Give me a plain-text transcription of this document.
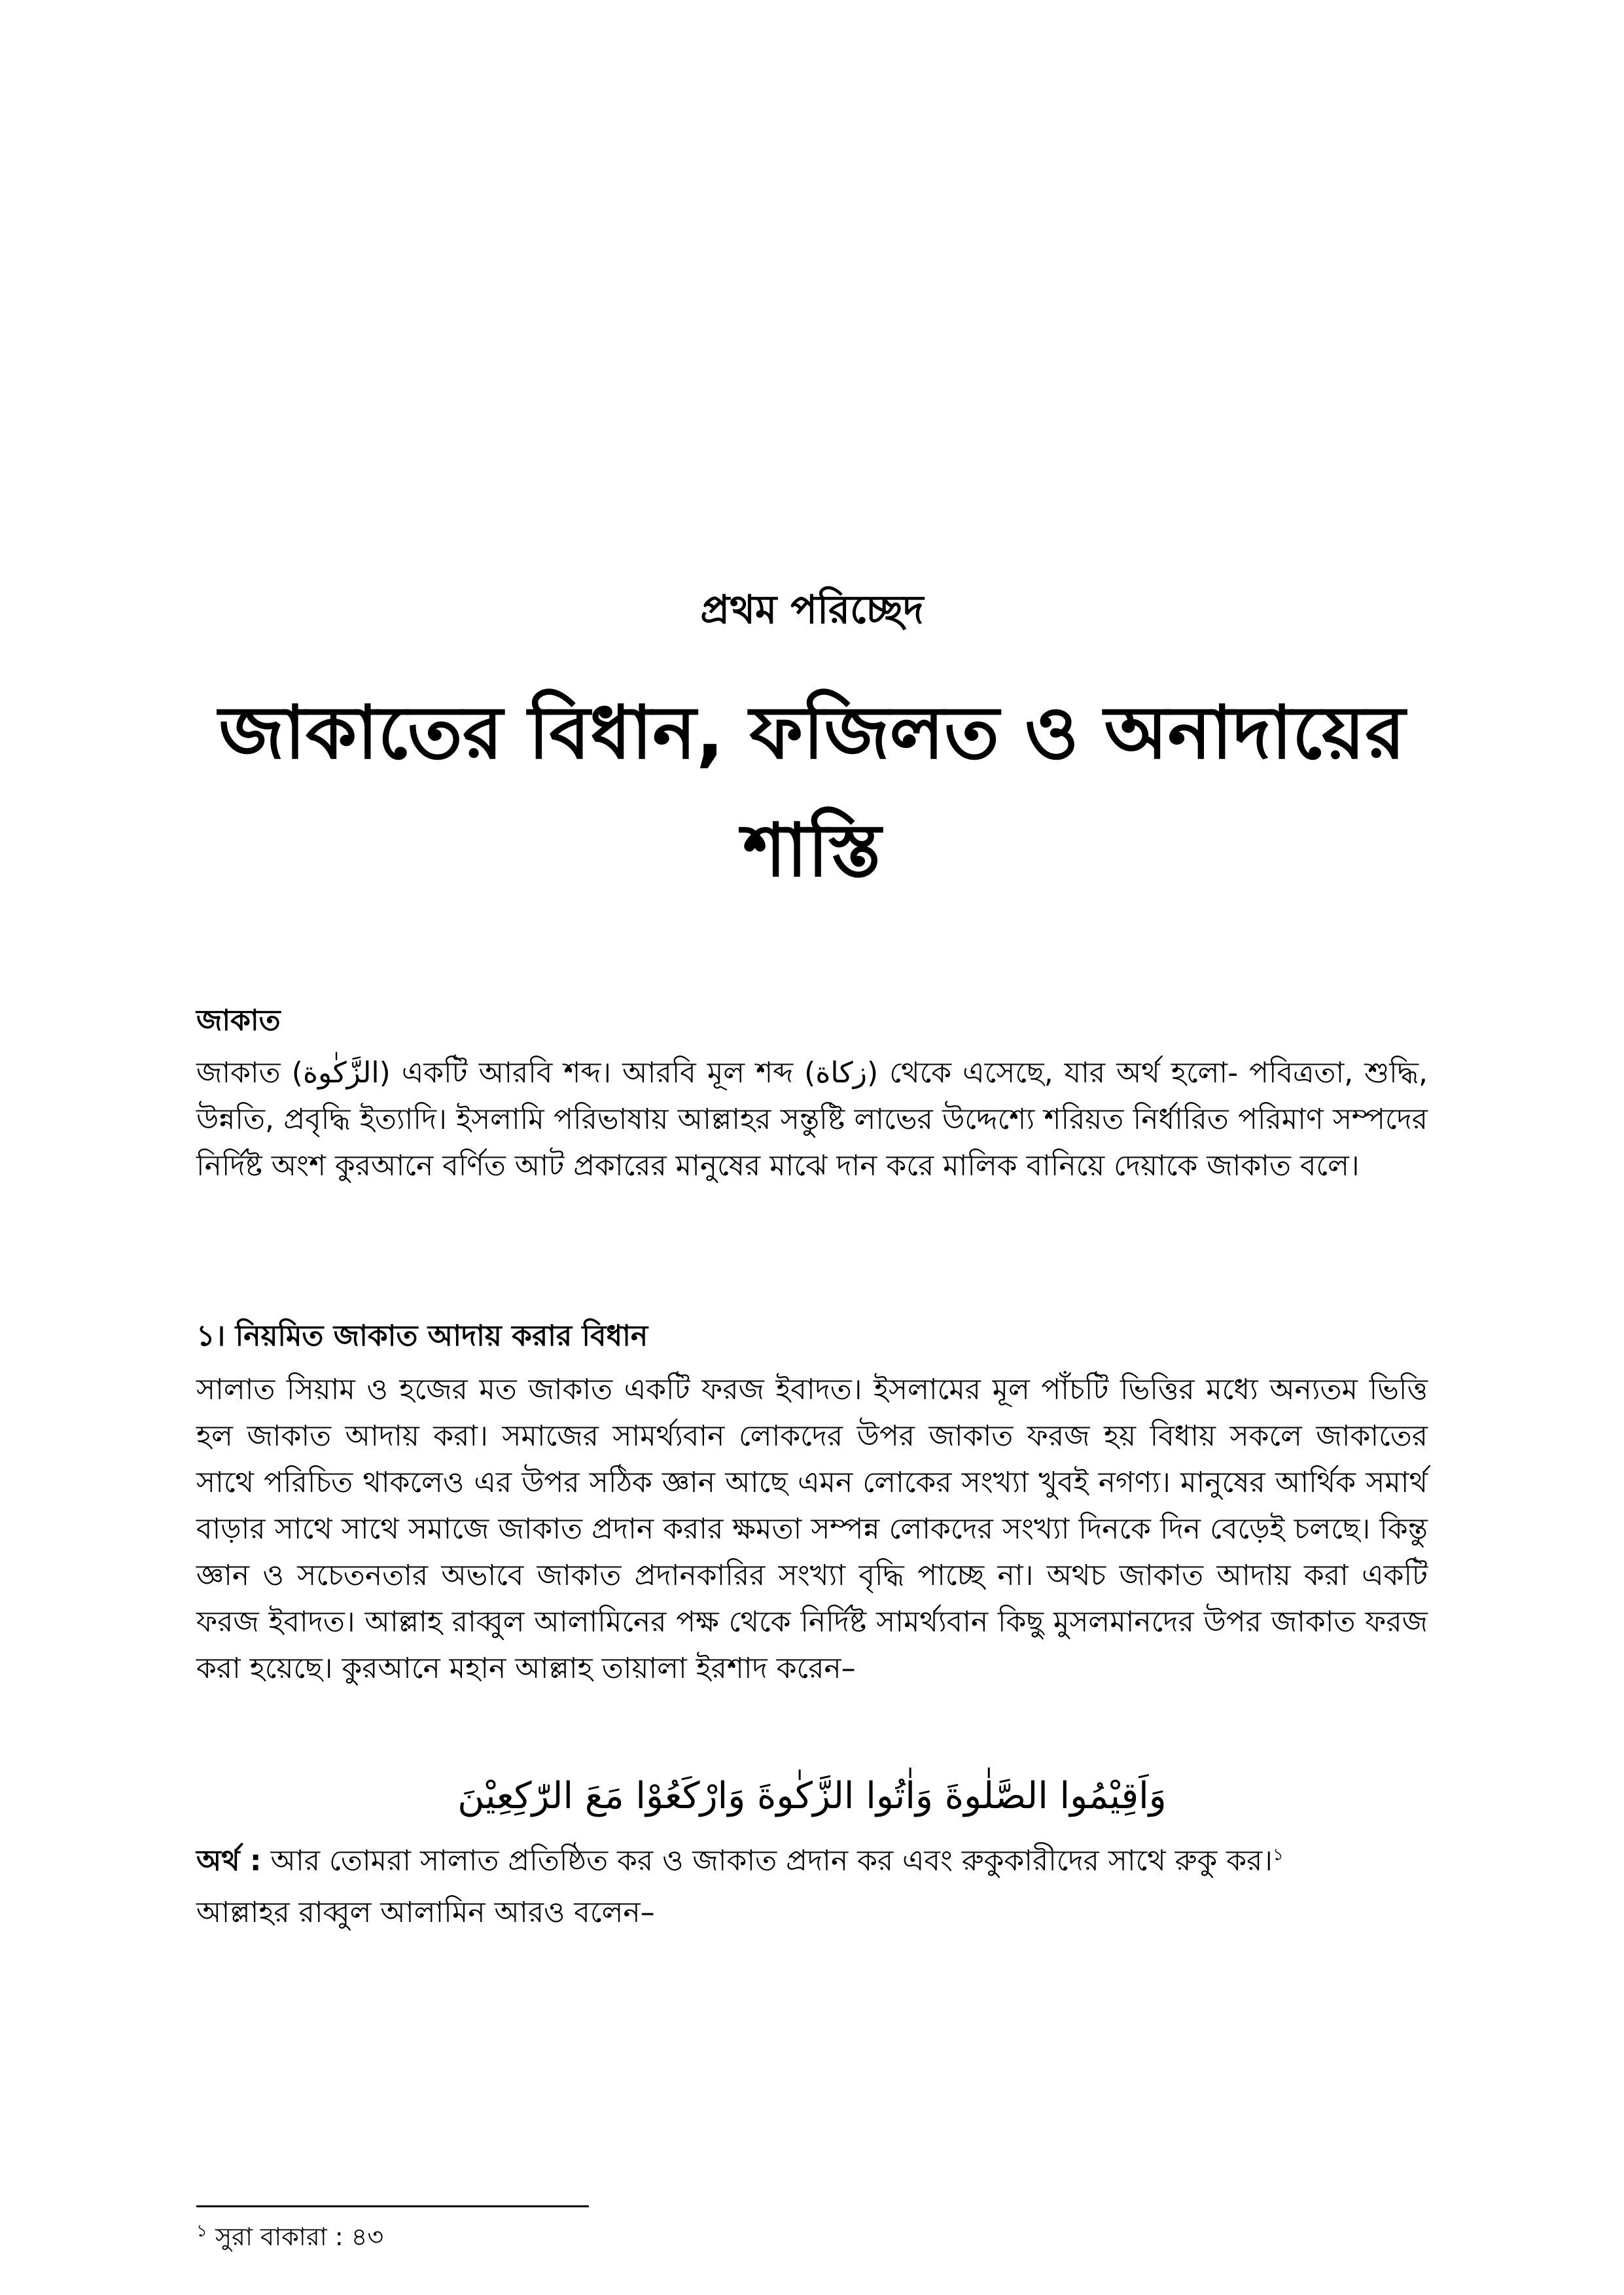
প্রথম পরিচ্ছেদ
জাকাতের বিধান, ফজিলত ও অনাদায়ের শাস্তি

জাকাত

জাকাত (الزَّكٰوة) একটি আরবি শব্দ। আরবি মূল শব্দ (زكاة) থেকে এসেছে, যার অর্থ হলো- পবিত্রতা, শুদ্ধি, উন্নতি, প্রবৃদ্ধি ইত্যাদি। ইসলামি পরিভাষায় আল্লাহর সন্তুষ্টি লাভের উদ্দেশ্যে শরিয়ত নির্ধারিত পরিমাণ সম্পদের নির্দিষ্ট অংশ কুরআনে বর্ণিত আট প্রকারের মানুষের মাঝে দান করে মালিক বানিয়ে দেয়াকে জাকাত বলে।

১। নিয়মিত জাকাত আদায় করার বিধান

সালাত সিয়াম ও হজের মত জাকাত একটি ফরজ ইবাদত। ইসলামের মূল পাঁচটি ভিত্তির মধ্যে অন্যতম ভিত্তি হল জাকাত আদায় করা। সমাজের সামর্থ্যবান লোকদের উপর জাকাত ফরজ হয় বিধায় সকলে জাকাতের সাথে পরিচিত থাকলেও এর উপর সঠিক জ্ঞান আছে এমন লোকের সংখ্যা খুবই নগণ্য। মানুষের আর্থিক সমার্থ বাড়ার সাথে সাথে সমাজে জাকাত প্রদান করার ক্ষমতা সম্পন্ন লোকদের সংখ্যা দিনকে দিন বেড়েই চলছে। কিন্তু জ্ঞান ও সচেতনতার অভাবে জাকাত প্রদানকারির সংখ্যা বৃদ্ধি পাচ্ছে না। অথচ জাকাত আদায় করা একটি ফরজ ইবাদত। আল্লাহ রাব্বুল আলামিনের পক্ষ থেকে নির্দিষ্ট সামর্থ্যবান কিছু মুসলমানদের উপর জাকাত ফরজ করা হয়েছে। কুরআনে মহান আল্লাহ তায়ালা ইরশাদ করেন–

وَاَقِيْمُوا الصَّلٰوةَ وَاٰتُوا الزَّكٰوةَ وَارْكَعُوْا مَعَ الرّٰكِعِيْنَ

অর্থ : আর তোমরা সালাত প্রতিষ্ঠিত কর ও জাকাত প্রদান কর এবং রুকুকারীদের সাথে রুকু কর।$^১$

আল্লাহর রাব্বুল আলামিন আরও বলেন–

$^১$ সুরা বাকারা : ৪৩
